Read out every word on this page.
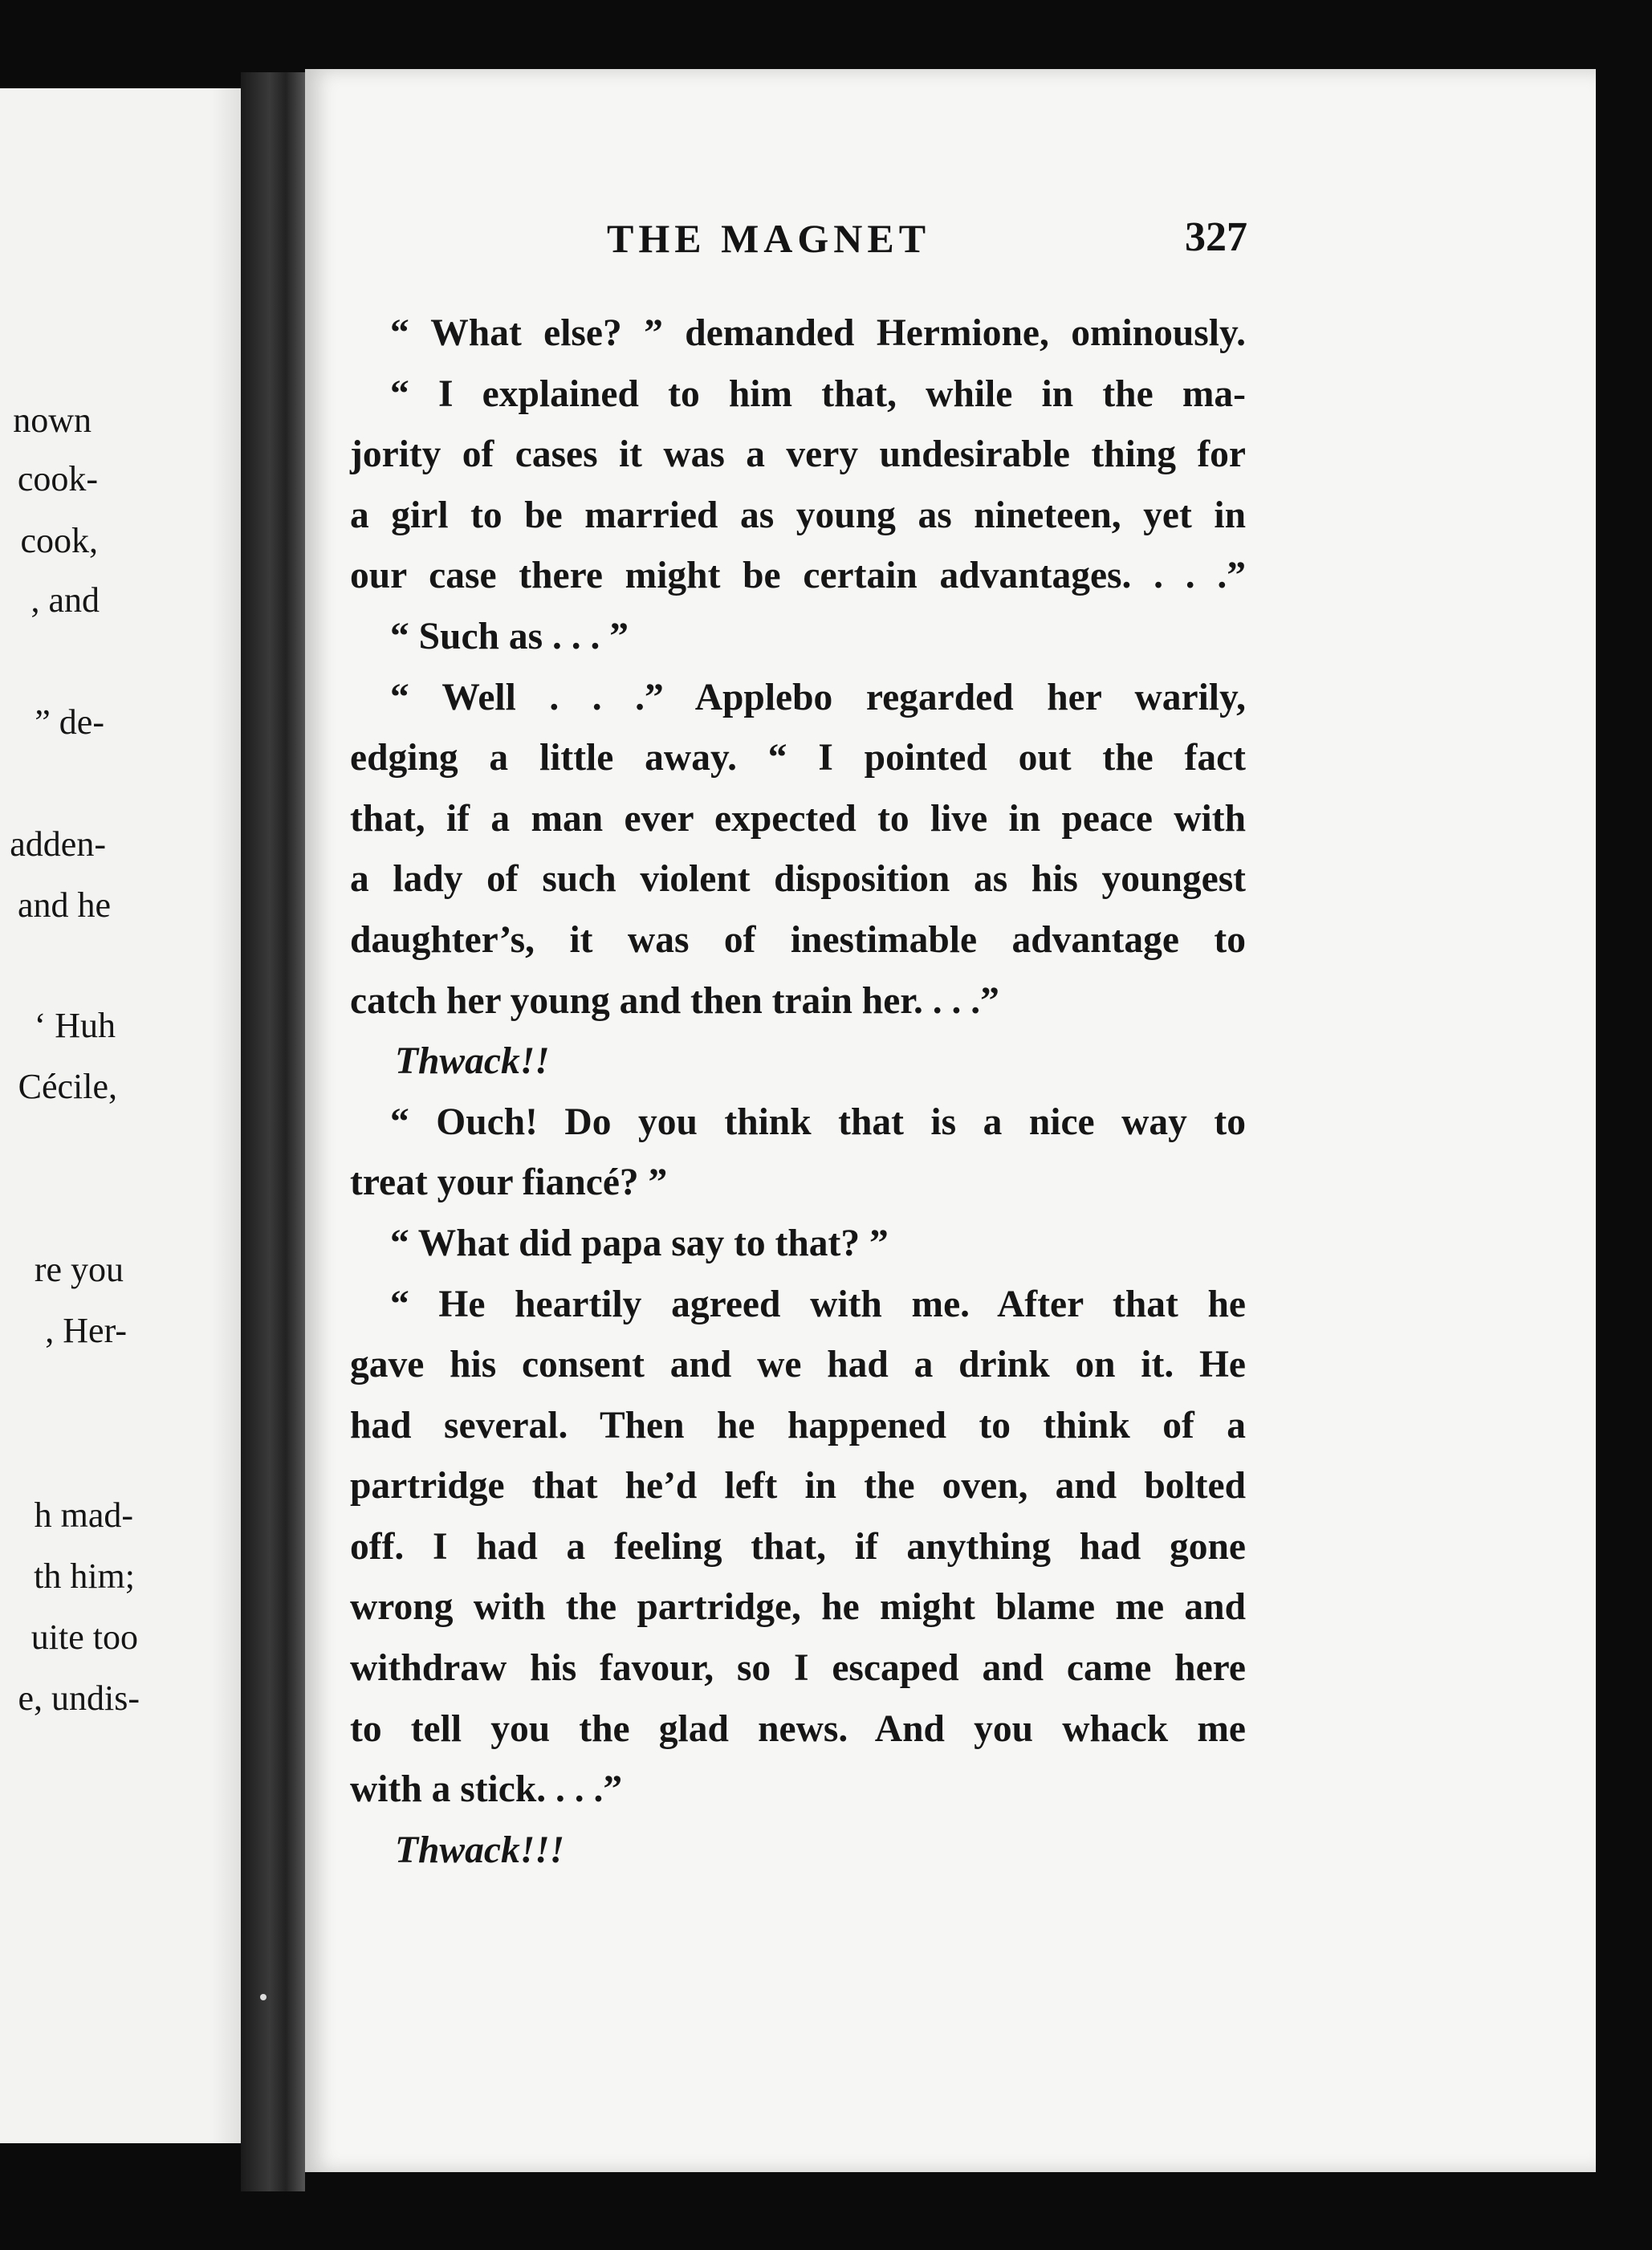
nown
cook-
cook,
, and
” de-
adden-
and he
‘ Huh
Cécile,
re you
, Her-
h mad-
th him;
uite too
e, undis-
THE MAGNET	327
“ What else? ” demanded Hermione, ominously.
“ I explained to him that, while in the ma-
jority of cases it was a very undesirable thing for
a girl to be married as young as nineteen, yet in
our case there might be certain advantages. . . .”
“ Such as . . . ”
“ Well . . .” Applebo regarded her warily,
edging a little away. “ I pointed out the fact
that, if a man ever expected to live in peace with
a lady of such violent disposition as his youngest
daughter’s, it was of inestimable advantage to
catch her young and then train her. . . .”
Thwack!!
“ Ouch! Do you think that is a nice way to
treat your fiancé? ”
“ What did papa say to that? ”
“ He heartily agreed with me. After that he
gave his consent and we had a drink on it. He
had several. Then he happened to think of a
partridge that he’d left in the oven, and bolted
off. I had a feeling that, if anything had gone
wrong with the partridge, he might blame me and
withdraw his favour, so I escaped and came here
to tell you the glad news. And you whack me
with a stick. . . .”
Thwack!!!
